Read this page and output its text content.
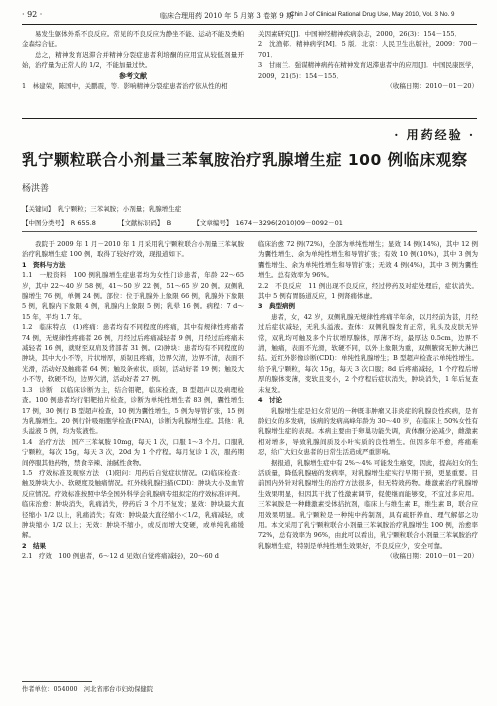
· 92 ·	临床合理用药 2010 年 5 月第 3 卷第 9 期
Chin J of Clinical Rational Drug Use, May 2010, Vol. 3 No. 9

易发生躯体外系不良反应。常见的不良反应为静坐不能、运动不能及类帕金森综合征。

总之，精神发育迟滞合并精神分裂症患者利培酮的应用宜从较低剂量开始，治疗量为正常人的 1/2，不能加量过快。

参考文献

1　林建荣，陈国中，关鹏震，等．影响精神分裂症患者治疗依从性的相

关因素研究[J]．中国神经精神疾病杂志，2000，26(3)：154－155．

2　沈渔邨．精神病学[M]．5 版．北京：人民卫生出版社，2009：700－701．

3　甘雨兰．强谋精神病药在精神发育迟滞患者中的应用[J]．中国民康医学，2009，21(5)：154－155．

（收稿日期：2010－01－20）

· 用药经验 ·
乳宁颗粒联合小剂量三苯氧胺治疗乳腺增生症 100 例临床观察
杨洪善
【关键词】　乳宁颗粒；三苯氧胺；小剂量；乳腺增生症
【中图分类号】　R 655.8	【文献标识码】　B	【文章编号】　1674－3296(2010)09－0092－01

我院于 2009 年 1 月－2010 年 1 月采用乳宁颗粒联合小剂量三苯氧胺治疗乳腺增生症 100 例，取得了较好疗效，现报道如下。

1　资料与方法

1.1　一般资料　100 例乳腺增生症患者均为女性门诊患者，年龄 22～65 岁，其中 22～40 岁 58 例，41～50 岁 22 例，51～65 岁 20 例。双侧乳腺增生 76 例，单侧 24 例。部位：位于乳腺外上象限 66 例，乳腺外下象限 5 例，乳腺内下象限 4 例，乳腺内上象限 5 例；乳晕 16 例。病程：7 d～15 年，平均 1.7 年。

1.2　临床特点　(1)疼痛：患者均有不同程度的疼痛，其中有规律性疼痛者 74 例，无规律性疼痛者 26 例，月经过后疼痛减轻者 9 例，月经过后疼痛未减轻者 16 例，就财至双肩及背部者 31 例。(2)肿块：患者均有不同程度的肿块，其中大小不等，片状增厚，质韧且疼痛，边界欠清，边界不清，表面不光滑，活动好及触痛者 64 例；触及条索状、质韧，活动好者 19 例；触及大小不等，软硬不均，边界欠清，活动好者 27 例。

1.3　诊断　以临床诊断为主，结合钼靶，临床检查，B 型超声以及病理检查。100 例患者均行钼靶拍片检查，诊断为单纯性增生者 83 例，囊性增生 17 例，30 例行 B 型超声检查，10 例为囊性增生，5 例为导管扩张，15 例为乳腺增生。20 例行针吸细胞学检查(FNA)，诊断为乳腺增生症。其他：乳头溢液 5 例，均为浆液性。

1.4　治疗方法　国产三苯氧胺 10mg，每天 1 次，口服 1～3 个月。口服乳宁颗粒，每次 15g，每天 3 次，20d 为 1 个疗程。每月复诊 1 次，服药期间停服其他药物，禁食辛辣、油腻性食物。

1.5　疗效标准及观察方法　(1)阳问：用药后自觉症状情况。(2)临床检查：触及肿块大小、软硬度及触痛情况。红外线乳腺扫描(CDI)：肿块大小及血管反应情况。疗效标准按照中华全国外科学会乳腺病专组拟定的疗效标准评判。临床治愈：肿块消失，乳痛消失，停药后 3 个月不复发；显效：肿块最大直径缩小 1/2 以上，乳痛消失；有效：肿块最大直径缩小＜1/2，乳痛减轻，或肿块缩小 1/2 以上；无效：肿块不缩小，或反而增大变硬，或单纯乳痛缓解。

2　结果

2.1　疗效　100 例患者，6～12 d 见效(自觉疼痛减轻)，20～60 d

临床治愈 72 例(72%)，全部为单纯性增生；显效 14 例(14%)，其中 12 例为囊性增生、余为单纯性增生和导管扩张；有效 10 例(10%)，其中 3 例为囊性增生、余为单纯性增生和导管扩张；无效 4 例(4%)，其中 3 例为囊性增生。总有效率为 96%。

2.2　不良反应　11 例出现不良反应，经过停药及对症处理后，症状消失。其中 5 例有胃肠道反应，1 例肾痛体虚。

3　典型病例

患者，女，42 岁，双侧乳腺无规律性疼痛半年余，以月经前为甚，月经过后症状减轻，无乳头溢液。查体：双侧乳腺发育正常，乳头及皮肤无异常，双乳均可触及多个片状增厚腺体，厚薄不均，最厚达 0.5cm，边界不清，触痛，表面不光滑，软硬不同，以外上象限为重，双侧腋窝无肿大淋巴结。近红外影像诊断(CDI)：单纯性乳腺增生；B 型超声检查示单纯性增生。给予乳宁颗粒，每次 15g，每天 3 次口服；8d 后疼痛减轻，1 个疗程后增厚的腺体变薄，变软且变小，2 个疗程后症状消失，肿块消失，1 年后复查未复发。

4　讨论

乳腺增生症是妇女常见的一种既非肿瘤又非炎症的乳腺良性疾病，是育龄妇女的多发病，该病的发病高峰年龄为 30～40 岁，在临床上 50%女性有乳腺增生症的表现。本病主要由于卵巢功能失调，黄体酮分泌减少，雌激素相对增多，导致乳腺间质及小叶实质的良性增生。但因多年不愈，疼痛难忍，给广大妇女患者的日常生活造成严重影响。

据报道，乳腺增生症中有 2%～4% 可能发生癌变，因此，提高妇女的生活质量，降低乳腺癌的发病率，对乳腺增生症实行早期干预，更显重要。目前国内外针对乳腺增生的治疗方法很多，但无特效药物。雄激素治疗乳腺增生效果明显，但因其干扰了性激素调节，促使继而能够变，不宜过多应用。三苯氧胺是一种雌激素受体拮抗剂，临床上与维生素 E，维生素 B，联合应用效果明显。乳宁颗粒是一种纯中药制剂，具有疏肝养血、理气解郁之功用。本文采用了乳宁颗粒联合小剂量三苯氧胺治疗乳腺增生 100 例，治愈率 72%，总有效率为 96%，由此可以看出，乳宁颗粒联合小剂量三苯氧胺治疗乳腺增生症，特别是单纯性增生效果好，不良反应少，安全可靠。

（收稿日期：2010－01－20）

作者单位：054000　河北省邢台市妇幼保健院
